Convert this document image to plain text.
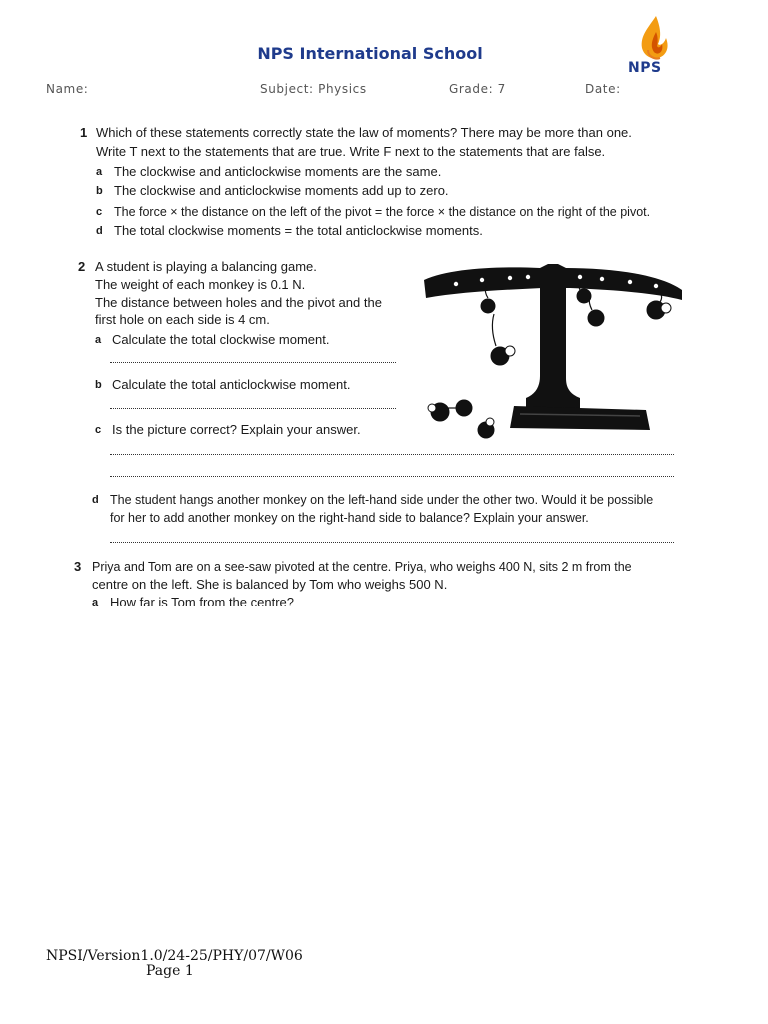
NPS International School
NPS
Name:	Subject: Physics	Grade: 7	Date:
1 Which of these statements correctly state the law of moments? There may be more than one.
Write T next to the statements that are true. Write F next to the statements that are false.
a The clockwise and anticlockwise moments are the same.
b The clockwise and anticlockwise moments add up to zero.
c The force × the distance on the left of the pivot = the force × the distance on the right of the pivot.
d The total clockwise moments = the total anticlockwise moments.
2 A student is playing a balancing game.
The weight of each monkey is 0.1 N.
The distance between holes and the pivot and the
first hole on each side is 4 cm.
a Calculate the total clockwise moment.
b Calculate the total anticlockwise moment.
c Is the picture correct? Explain your answer.
d The student hangs another monkey on the left-hand side under the other two. Would it be possible
for her to add another monkey on the right-hand side to balance? Explain your answer.
3 Priya and Tom are on a see-saw pivoted at the centre. Priya, who weighs 400 N, sits 2 m from the
centre on the left. She is balanced by Tom who weighs 500 N.
a How far is Tom from the centre?
NPSI/Version1.0/24-25/PHY/07/W06
Page 1
